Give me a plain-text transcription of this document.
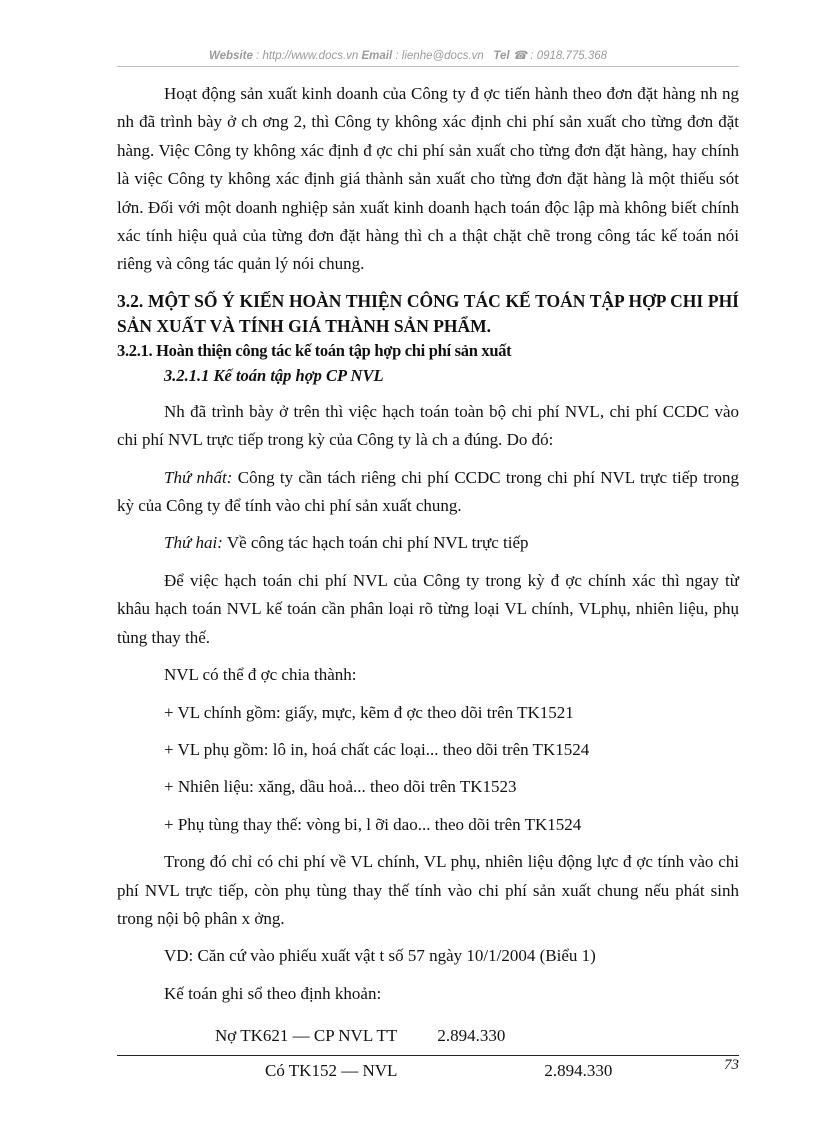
Website : http://www.docs.vn Email : lienhe@docs.vn Tel ☎ : 0918.775.368

Hoạt động sản xuất kinh doanh của Công ty đ ợc tiến hành theo đơn đặt hàng nh ng nh đã trình bày ở ch ơng 2, thì Công ty không xác định chi phí sản xuất cho từng đơn đặt hàng. Việc Công ty không xác định đ ợc chi phí sản xuất cho từng đơn đặt hàng, hay chính là việc Công ty không xác định giá thành sản xuất cho từng đơn đặt hàng là một thiếu sót lớn. Đối với một doanh nghiệp sản xuất kinh doanh hạch toán độc lập mà không biết chính xác tính hiệu quả của từng đơn đặt hàng thì ch a thật chặt chẽ trong công tác kế toán nói riêng và công tác quản lý nói chung.

3.2. MỘT SỐ Ý KIẾN HOÀN THIỆN CÔNG TÁC KẾ TOÁN TẬP HỢP CHI PHÍ SẢN XUẤT VÀ TÍNH GIÁ THÀNH SẢN PHẨM.

3.2.1. Hoàn thiện công tác kế toán tập hợp chi phí sản xuất

3.2.1.1 Kế toán tập hợp CP NVL

Nh đã trình bày ở trên thì việc hạch toán toàn bộ chi phí NVL, chi phí CCDC vào chi phí NVL trực tiếp trong kỳ của Công ty là ch a đúng. Do đó:

Thứ nhất: Công ty cần tách riêng chi phí CCDC trong chi phí NVL trực tiếp trong kỳ của Công ty để tính vào chi phí sản xuất chung.

Thứ hai: Về công tác hạch toán chi phí NVL trực tiếp

Để việc hạch toán chi phí NVL của Công ty trong kỳ đ ợc chính xác thì ngay từ khâu hạch toán NVL kế toán cần phân loại rõ từng loại VL chính, VLphụ, nhiên liệu, phụ tùng thay thế.

NVL có thể đ ợc chia thành:

+ VL chính gồm: giấy, mực, kẽm đ ợc theo dõi trên TK1521

+ VL phụ gồm: lô in, hoá chất các loại... theo dõi trên TK1524

+ Nhiên liệu: xăng, dầu hoả... theo dõi trên TK1523

+ Phụ tùng thay thế: vòng bi, l ỡi dao... theo dõi trên TK1524

Trong đó chỉ có chi phí về VL chính, VL phụ, nhiên liệu động lực đ ợc tính vào chi phí NVL trực tiếp, còn phụ tùng thay thế tính vào chi phí sản xuất chung nếu phát sinh trong nội bộ phân x ởng.

VD: Căn cứ vào phiếu xuất vật t số 57 ngày 10/1/2004 (Biểu 1)

Kế toán ghi sổ theo định khoản:

Nợ TK621 — CP NVL TT 2.894.330

Có TK152 — NVL	2.894.330	73
